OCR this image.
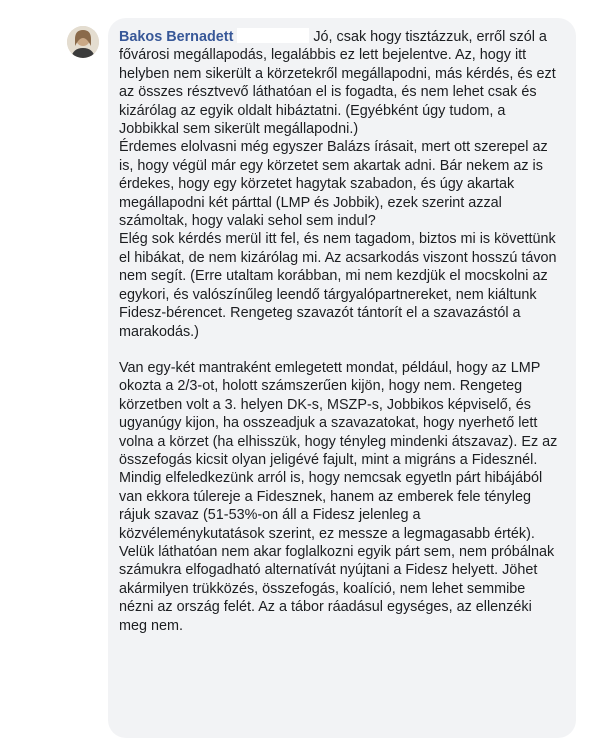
Bakos Bernadett	Jó, csak hogy tisztázzuk, erről szól a fővárosi megállapodás, legalábbis ez lett bejelentve. Az, hogy itt helyben nem sikerült a körzetekről megállapodni, más kérdés, és ezt az összes résztvevő láthatóan el is fogadta, és nem lehet csak és kizárólag az egyik oldalt hibáztatni. (Egyébként úgy tudom, a Jobbikkal sem sikerült megállapodni.)

Érdemes elolvasni még egyszer Balázs írásait, mert ott szerepel az is, hogy végül már egy körzetet sem akartak adni. Bár nekem az is érdekes, hogy egy körzetet hagytak szabadon, és úgy akartak megállapodni két párttal (LMP és Jobbik), ezek szerint azzal számoltak, hogy valaki sehol sem indul?

Elég sok kérdés merül itt fel, és nem tagadom, biztos mi is követtünk el hibákat, de nem kizárólag mi. Az acsarkodás viszont hosszú távon nem segít. (Erre utaltam korábban, mi nem kezdjük el mocskolni az egykori, és valószínűleg leendő tárgyalópartnereket, nem kiáltunk Fidesz-bérencet. Rengeteg szavazót tántorít el a szavazástól a marakodás.)

Van egy-két mantraként emlegetett mondat, például, hogy az LMP okozta a 2/3-ot, holott számszerűen kijön, hogy nem. Rengeteg körzetben volt a 3. helyen DK-s, MSZP-s, Jobbikos képviselő, és ugyanúgy kijon, ha osszeadjuk a szavazatokat, hogy nyerhető lett volna a körzet (ha elhisszük, hogy tényleg mindenki átszavaz). Ez az összefogás kicsit olyan jeligévé fajult, mint a migráns a Fidesznél.

Mindig elfeledkezünk arról is, hogy nemcsak egyetln párt hibájából van ekkora túlereje a Fidesznek, hanem az emberek fele tényleg rájuk szavaz (51-53%-on áll a Fidesz jelenleg a közvéleménykutatások szerint, ez messze a legmagasabb érték). Velük láthatóan nem akar foglalkozni egyik párt sem, nem próbálnak számukra elfogadható alternatívát nyújtani a Fidesz helyett. Jöhet akármilyen trükközés, összefogás, koalíció, nem lehet semmibe nézni az ország felét. Az a tábor ráadásul egységes, az ellenzéki meg nem.
